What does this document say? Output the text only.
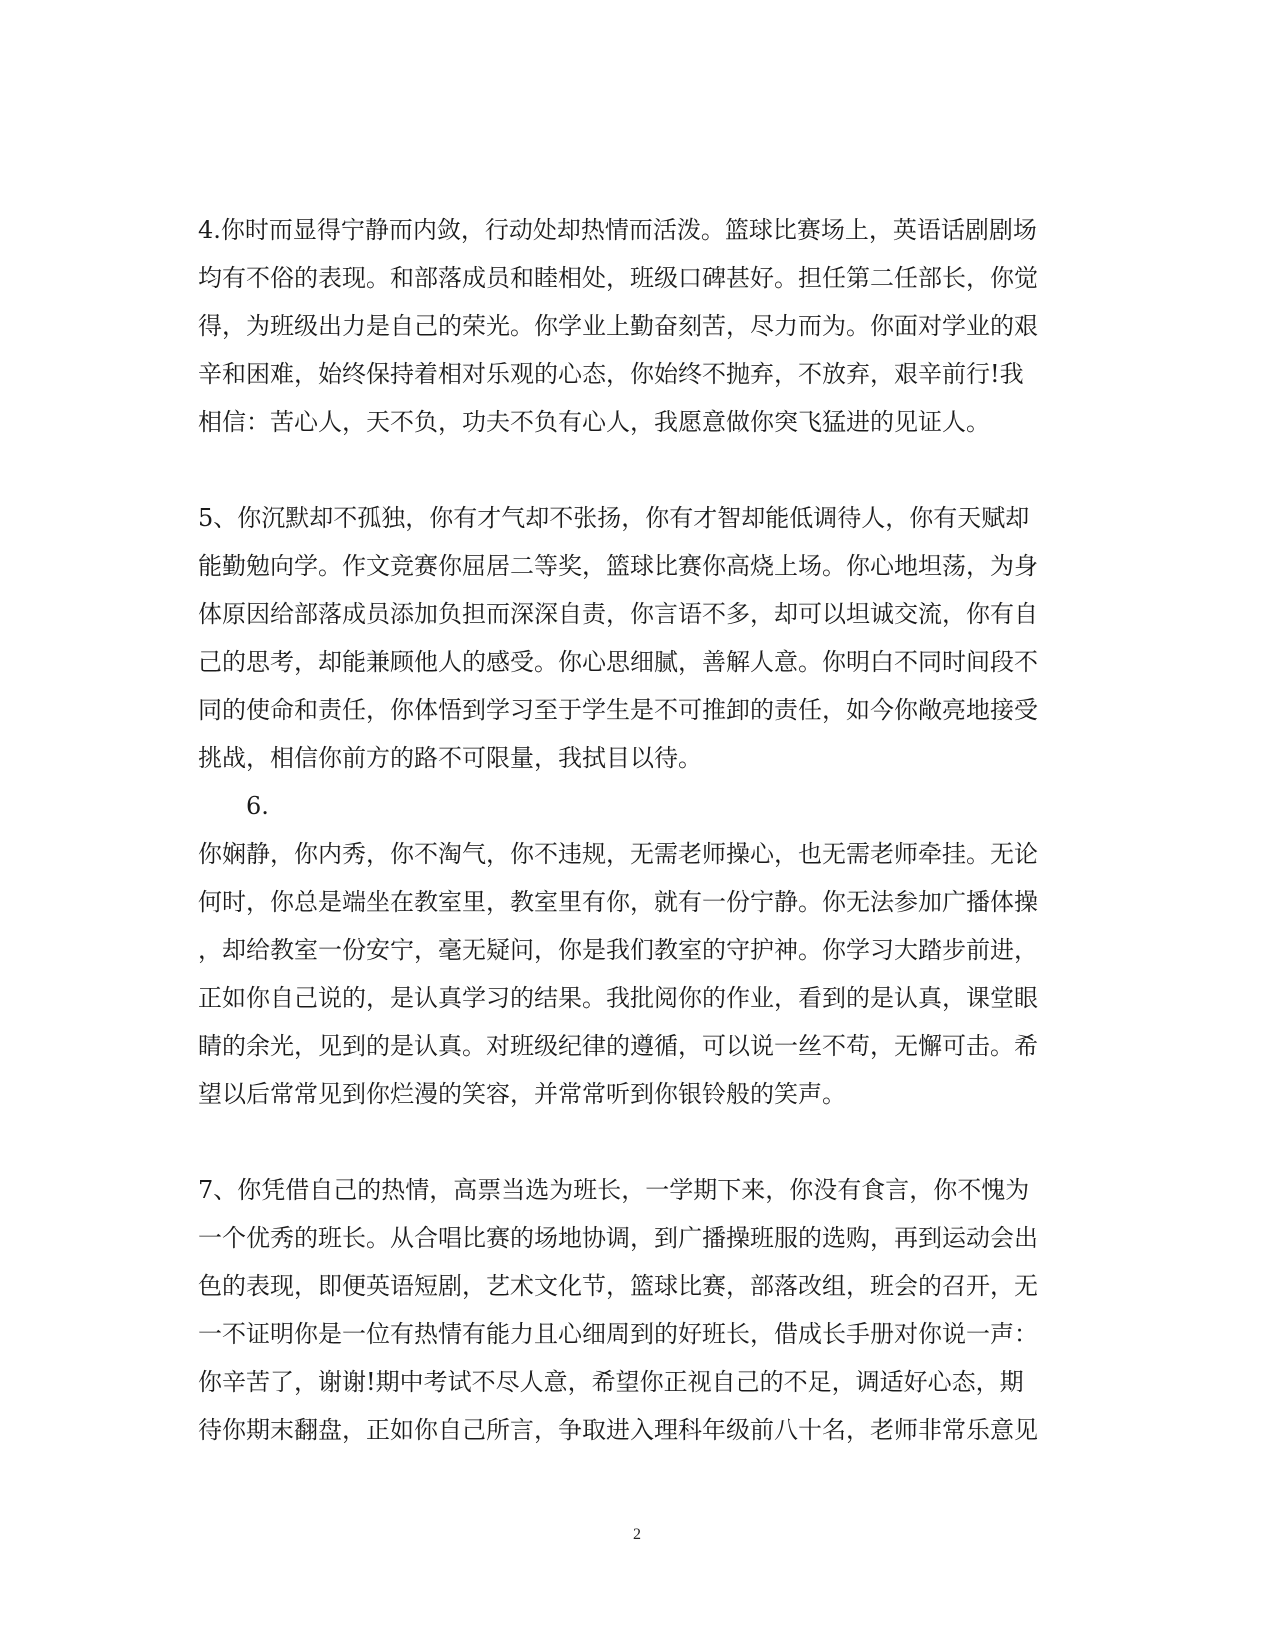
4.你时而显得宁静而内敛，行动处却热情而活泼。篮球比赛场上，英语话剧剧场
均有不俗的表现。和部落成员和睦相处，班级口碑甚好。担任第二任部长，你觉
得，为班级出力是自己的荣光。你学业上勤奋刻苦，尽力而为。你面对学业的艰
辛和困难，始终保持着相对乐观的心态，你始终不抛弃，不放弃，艰辛前行!我
相信：苦心人，天不负，功夫不负有心人，我愿意做你突飞猛进的见证人。
5、你沉默却不孤独，你有才气却不张扬，你有才智却能低调待人，你有天赋却
能勤勉向学。作文竞赛你屈居二等奖，篮球比赛你高烧上场。你心地坦荡，为身
体原因给部落成员添加负担而深深自责，你言语不多，却可以坦诚交流，你有自
己的思考，却能兼顾他人的感受。你心思细腻，善解人意。你明白不同时间段不
同的使命和责任，你体悟到学习至于学生是不可推卸的责任，如今你敞亮地接受
挑战，相信你前方的路不可限量，我拭目以待。
6.
你娴静，你内秀，你不淘气，你不违规，无需老师操心，也无需老师牵挂。无论
何时，你总是端坐在教室里，教室里有你，就有一份宁静。你无法参加广播体操
，却给教室一份安宁，毫无疑问，你是我们教室的守护神。你学习大踏步前进，
正如你自己说的，是认真学习的结果。我批阅你的作业，看到的是认真，课堂眼
睛的余光，见到的是认真。对班级纪律的遵循，可以说一丝不苟，无懈可击。希
望以后常常见到你烂漫的笑容，并常常听到你银铃般的笑声。
7、你凭借自己的热情，高票当选为班长，一学期下来，你没有食言，你不愧为
一个优秀的班长。从合唱比赛的场地协调，到广播操班服的选购，再到运动会出
色的表现，即便英语短剧，艺术文化节，篮球比赛，部落改组，班会的召开，无
一不证明你是一位有热情有能力且心细周到的好班长，借成长手册对你说一声：
你辛苦了，谢谢!期中考试不尽人意，希望你正视自己的不足，调适好心态，期
待你期末翻盘，正如你自己所言，争取进入理科年级前八十名，老师非常乐意见
2
